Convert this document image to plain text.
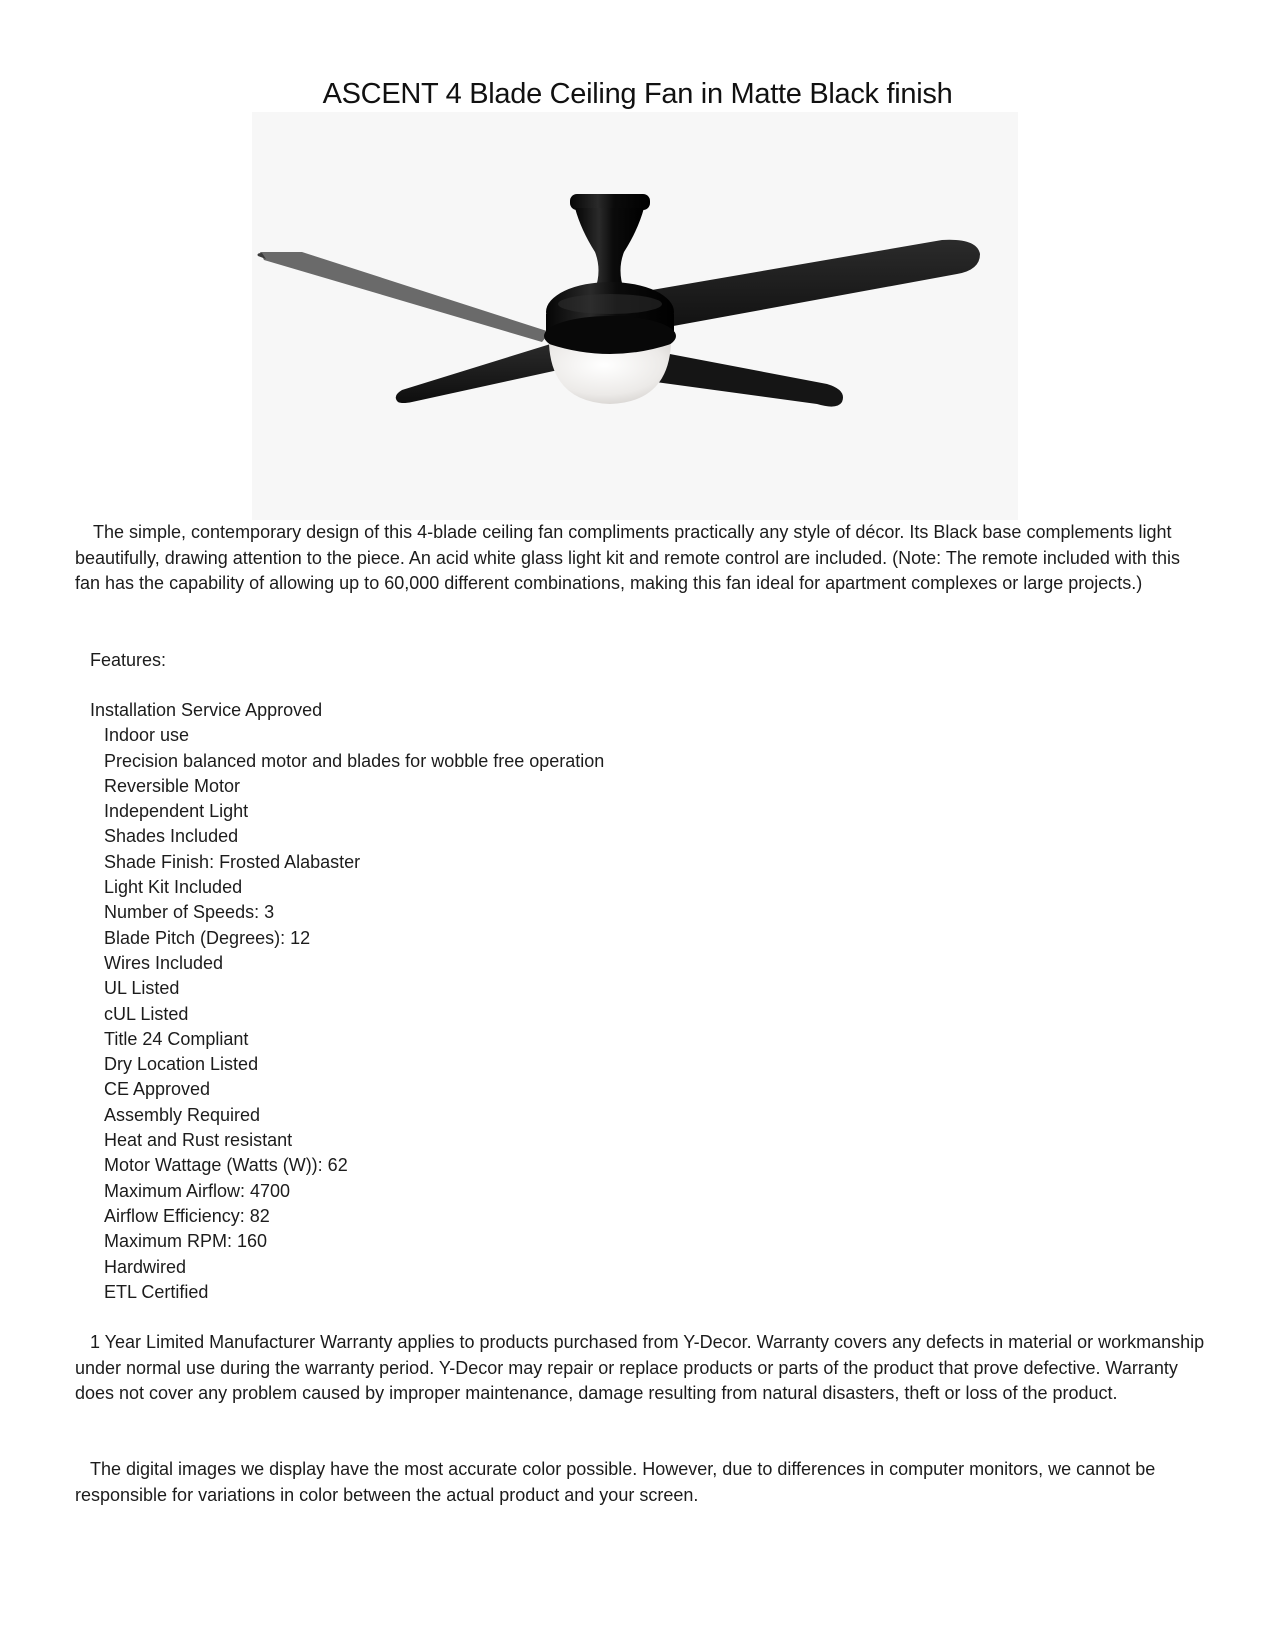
ASCENT 4 Blade Ceiling Fan in Matte Black finish

The simple, contemporary design of this 4-blade ceiling fan compliments practically any style of décor. Its Black base complements light beautifully, drawing attention to the piece. An acid white glass light kit and remote control are included. (Note: The remote included with this fan has the capability of allowing up to 60,000 different combinations, making this fan ideal for apartment complexes or large projects.)

Features:

Installation Service Approved
Indoor use
Precision balanced motor and blades for wobble free operation
Reversible Motor
Independent Light
Shades Included
Shade Finish: Frosted Alabaster
Light Kit Included
Number of Speeds: 3
Blade Pitch (Degrees): 12
Wires Included
UL Listed
cUL Listed
Title 24 Compliant
Dry Location Listed
CE Approved
Assembly Required
Heat and Rust resistant
Motor Wattage (Watts (W)): 62
Maximum Airflow: 4700
Airflow Efficiency: 82
Maximum RPM: 160
Hardwired
ETL Certified

1 Year Limited Manufacturer Warranty applies to products purchased from Y-Decor. Warranty covers any defects in material or workmanship under normal use during the warranty period. Y-Decor may repair or replace products or parts of the product that prove defective. Warranty does not cover any problem caused by improper maintenance, damage resulting from natural disasters, theft or loss of the product.

The digital images we display have the most accurate color possible. However, due to differences in computer monitors, we cannot be responsible for variations in color between the actual product and your screen.
